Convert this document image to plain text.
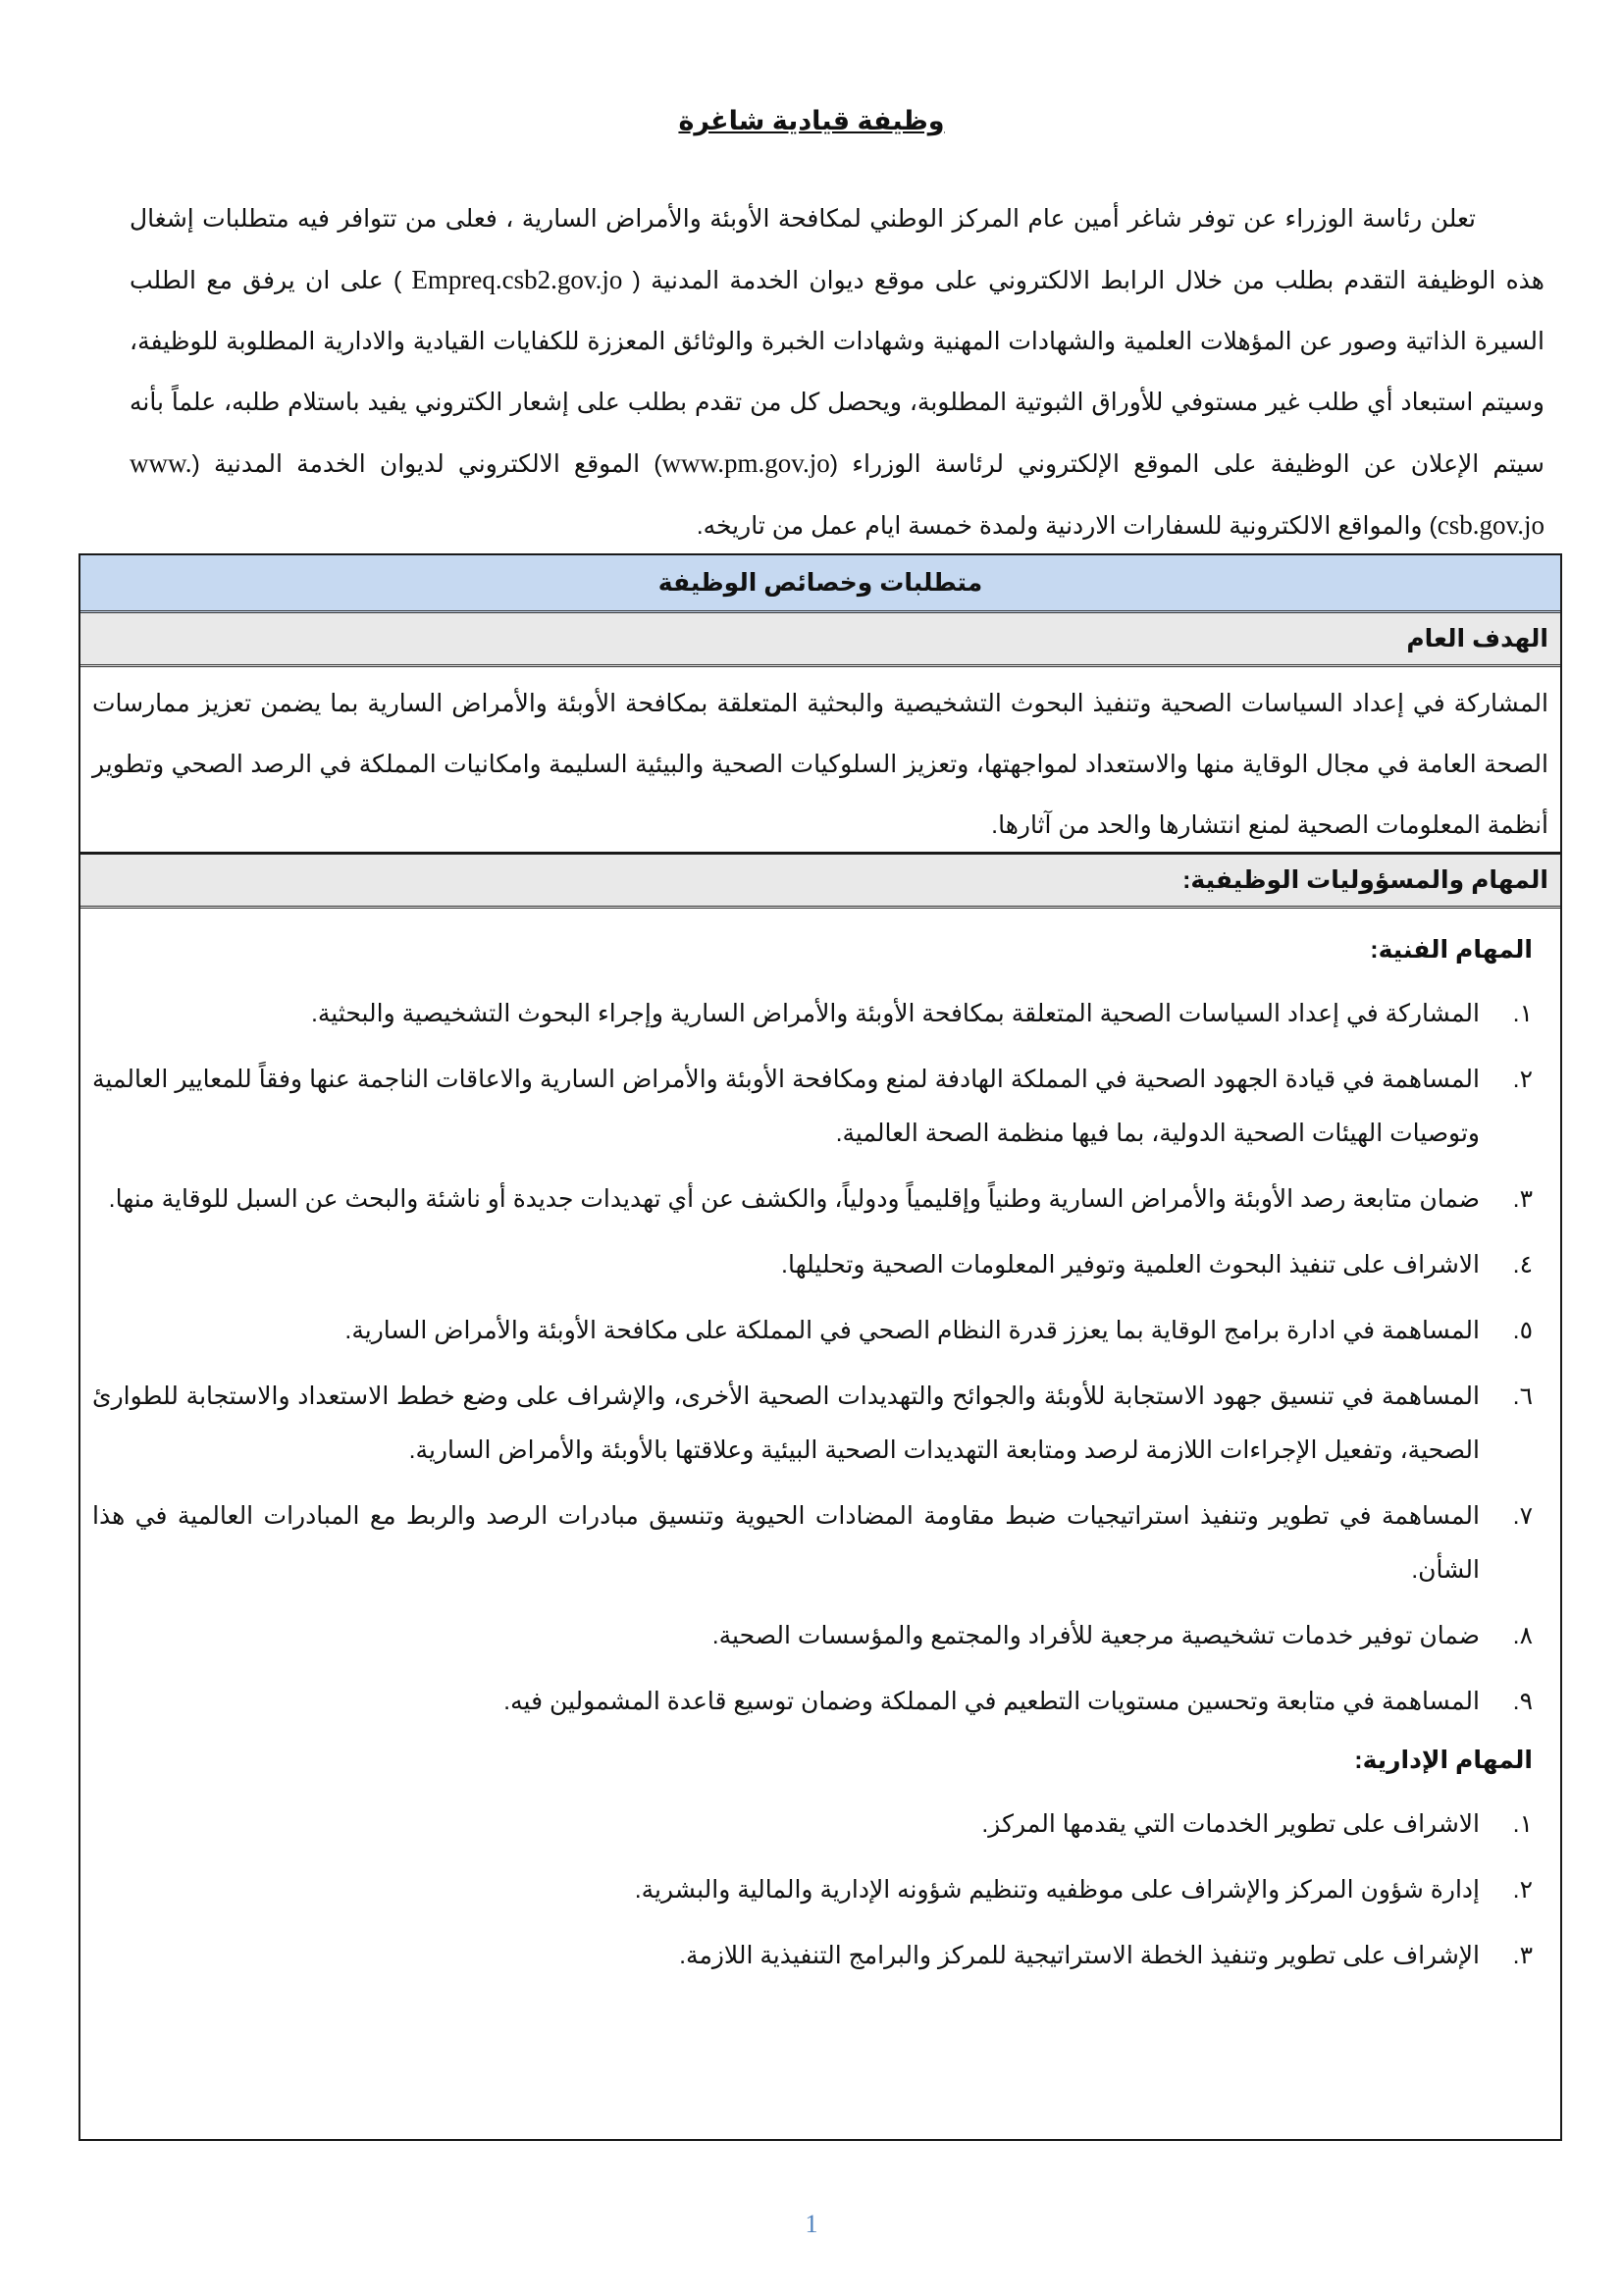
وظيفة قيادية شاغرة

تعلن رئاسة الوزراء عن توفر شاغر أمين عام المركز الوطني لمكافحة الأوبئة والأمراض السارية ، فعلى من تتوافر فيه متطلبات إشغال هذه الوظيفة التقدم بطلب من خلال الرابط الالكتروني على موقع ديوان الخدمة المدنية ( Empreq.csb2.gov.jo ) على ان يرفق مع الطلب السيرة الذاتية وصور عن المؤهلات العلمية والشهادات المهنية وشهادات الخبرة والوثائق المعززة للكفايات القيادية والادارية المطلوبة للوظيفة، وسيتم استبعاد أي طلب غير مستوفي للأوراق الثبوتية المطلوبة، ويحصل كل من تقدم بطلب على إشعار الكتروني يفيد باستلام طلبه، علماً بأنه سيتم الإعلان عن الوظيفة على الموقع الإلكتروني لرئاسة الوزراء (www.pm.gov.jo) الموقع الالكتروني لديوان الخدمة المدنية (www. csb.gov.jo) والمواقع الالكترونية للسفارات الاردنية ولمدة خمسة ايام عمل من تاريخه.

متطلبات وخصائص الوظيفة
الهدف العام
المشاركة في إعداد السياسات الصحية وتنفيذ البحوث التشخيصية والبحثية المتعلقة بمكافحة الأوبئة والأمراض السارية بما يضمن تعزيز ممارسات الصحة العامة في مجال الوقاية منها والاستعداد لمواجهتها، وتعزيز السلوكيات الصحية والبيئية السليمة وامكانيات المملكة في الرصد الصحي وتطوير أنظمة المعلومات الصحية لمنع انتشارها والحد من آثارها.
المهام والمسؤوليات الوظيفية:
المهام الفنية:
١.
المشاركة في إعداد السياسات الصحية المتعلقة بمكافحة الأوبئة والأمراض السارية وإجراء البحوث التشخيصية والبحثية.
٢.
المساهمة في قيادة الجهود الصحية في المملكة الهادفة لمنع ومكافحة الأوبئة والأمراض السارية والاعاقات الناجمة عنها وفقاً للمعايير العالمية وتوصيات الهيئات الصحية الدولية، بما فيها منظمة الصحة العالمية.
٣.
ضمان متابعة رصد الأوبئة والأمراض السارية وطنياً وإقليمياً ودولياً، والكشف عن أي تهديدات جديدة أو ناشئة والبحث عن السبل للوقاية منها.
٤.
الاشراف على تنفيذ البحوث العلمية وتوفير المعلومات الصحية وتحليلها.
٥.
المساهمة في ادارة برامج الوقاية بما يعزز قدرة النظام الصحي في المملكة على مكافحة الأوبئة والأمراض السارية.
٦.
المساهمة في تنسيق جهود الاستجابة للأوبئة والجوائح والتهديدات الصحية الأخرى، والإشراف على وضع خطط الاستعداد والاستجابة للطوارئ الصحية، وتفعيل الإجراءات اللازمة لرصد ومتابعة التهديدات الصحية البيئية وعلاقتها بالأوبئة والأمراض السارية.
٧.
المساهمة في تطوير وتنفيذ استراتيجيات ضبط مقاومة المضادات الحيوية وتنسيق مبادرات الرصد والربط مع المبادرات العالمية في هذا الشأن.
٨.
ضمان توفير خدمات تشخيصية مرجعية للأفراد والمجتمع والمؤسسات الصحية.
٩.
المساهمة في متابعة وتحسين مستويات التطعيم في المملكة وضمان توسيع قاعدة المشمولين فيه.
المهام الإدارية:
١.
الاشراف على تطوير الخدمات التي يقدمها المركز.
٢.
إدارة شؤون المركز والإشراف على موظفيه وتنظيم شؤونه الإدارية والمالية والبشرية.
٣.
الإشراف على تطوير وتنفيذ الخطة الاستراتيجية للمركز والبرامج التنفيذية اللازمة.
1
